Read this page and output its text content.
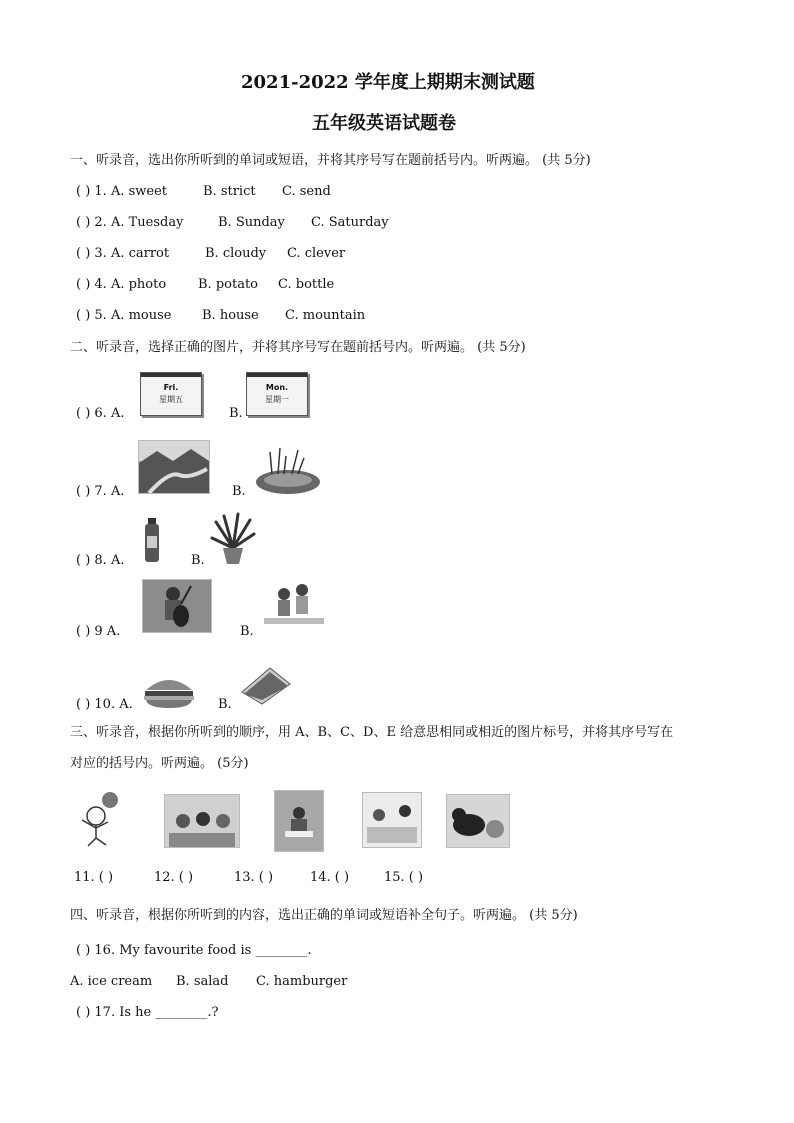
2021-2022 学年度上期期末测试题
五年级英语试题卷
一、听录音，选出你所听到的单词或短语，并将其序号写在题前括号内。听两遍。 (共 5分)
( ) 1. A. sweet	B. strict C. send
( ) 2. A. Tuesday	B. Sunday C. Saturday
( ) 3. A. carrot	B. cloudy C. clever
( ) 4. A. photo B. potato C. bottle
( ) 5. A. mouse B. house C. mountain
二、听录音，选择正确的图片，并将其序号写在题前括号内。听两遍。 (共 5分)
( ) 6. A.
Fri.
星期五
B.
Mon.
星期一
( ) 7. A.	B.
( ) 8. A.	B.
( ) 9 A.	B.
( ) 10. A.	B.
三、听录音，根据你所听到的顺序，用 A、B、C、D、E 给意思相同或相近的图片标号，并将其序号写在
对应的括号内。听两遍。 (5分)
11. ( )	12. ( )	13. ( )	14. ( )	15. ( )
四、听录音，根据你所听到的内容，选出正确的单词或短语补全句子。听两遍。 (共 5分)
( ) 16. My favourite food is ________.
A. ice cream B. salad C. hamburger
( ) 17. Is he ________.?
